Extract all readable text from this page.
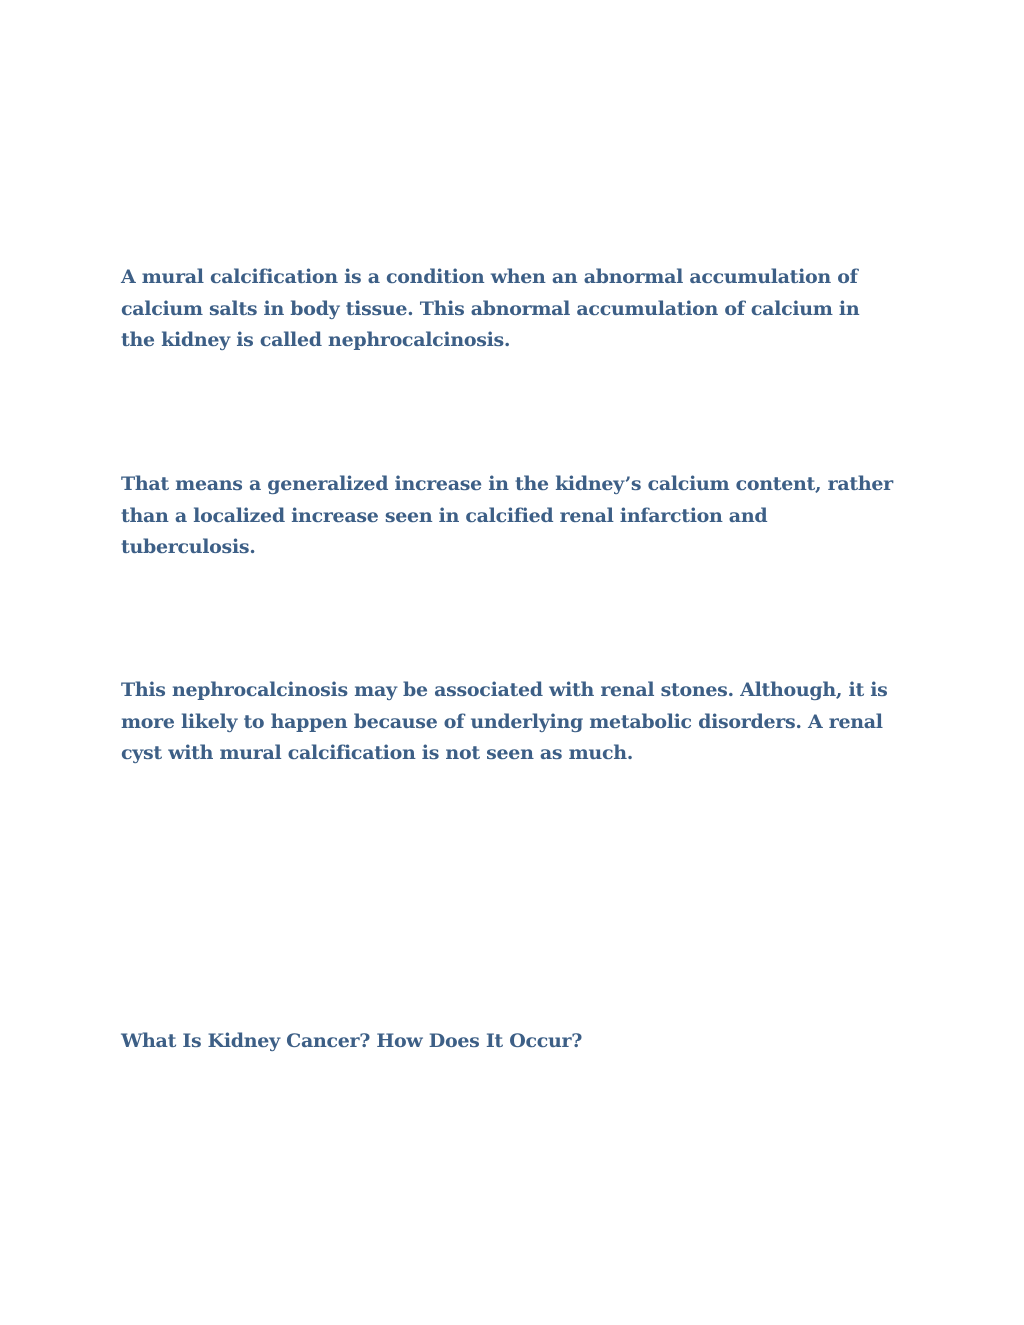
A mural calcification is a condition when an abnormal accumulation of calcium salts in body tissue. This abnormal accumulation of calcium in the kidney is called nephrocalcinosis.

That means a generalized increase in the kidney’s calcium content, rather than a localized increase seen in calcified renal infarction and tuberculosis.

This nephrocalcinosis may be associated with renal stones. Although, it is more likely to happen because of underlying metabolic disorders. A renal cyst with mural calcification is not seen as much.

What Is Kidney Cancer? How Does It Occur?
